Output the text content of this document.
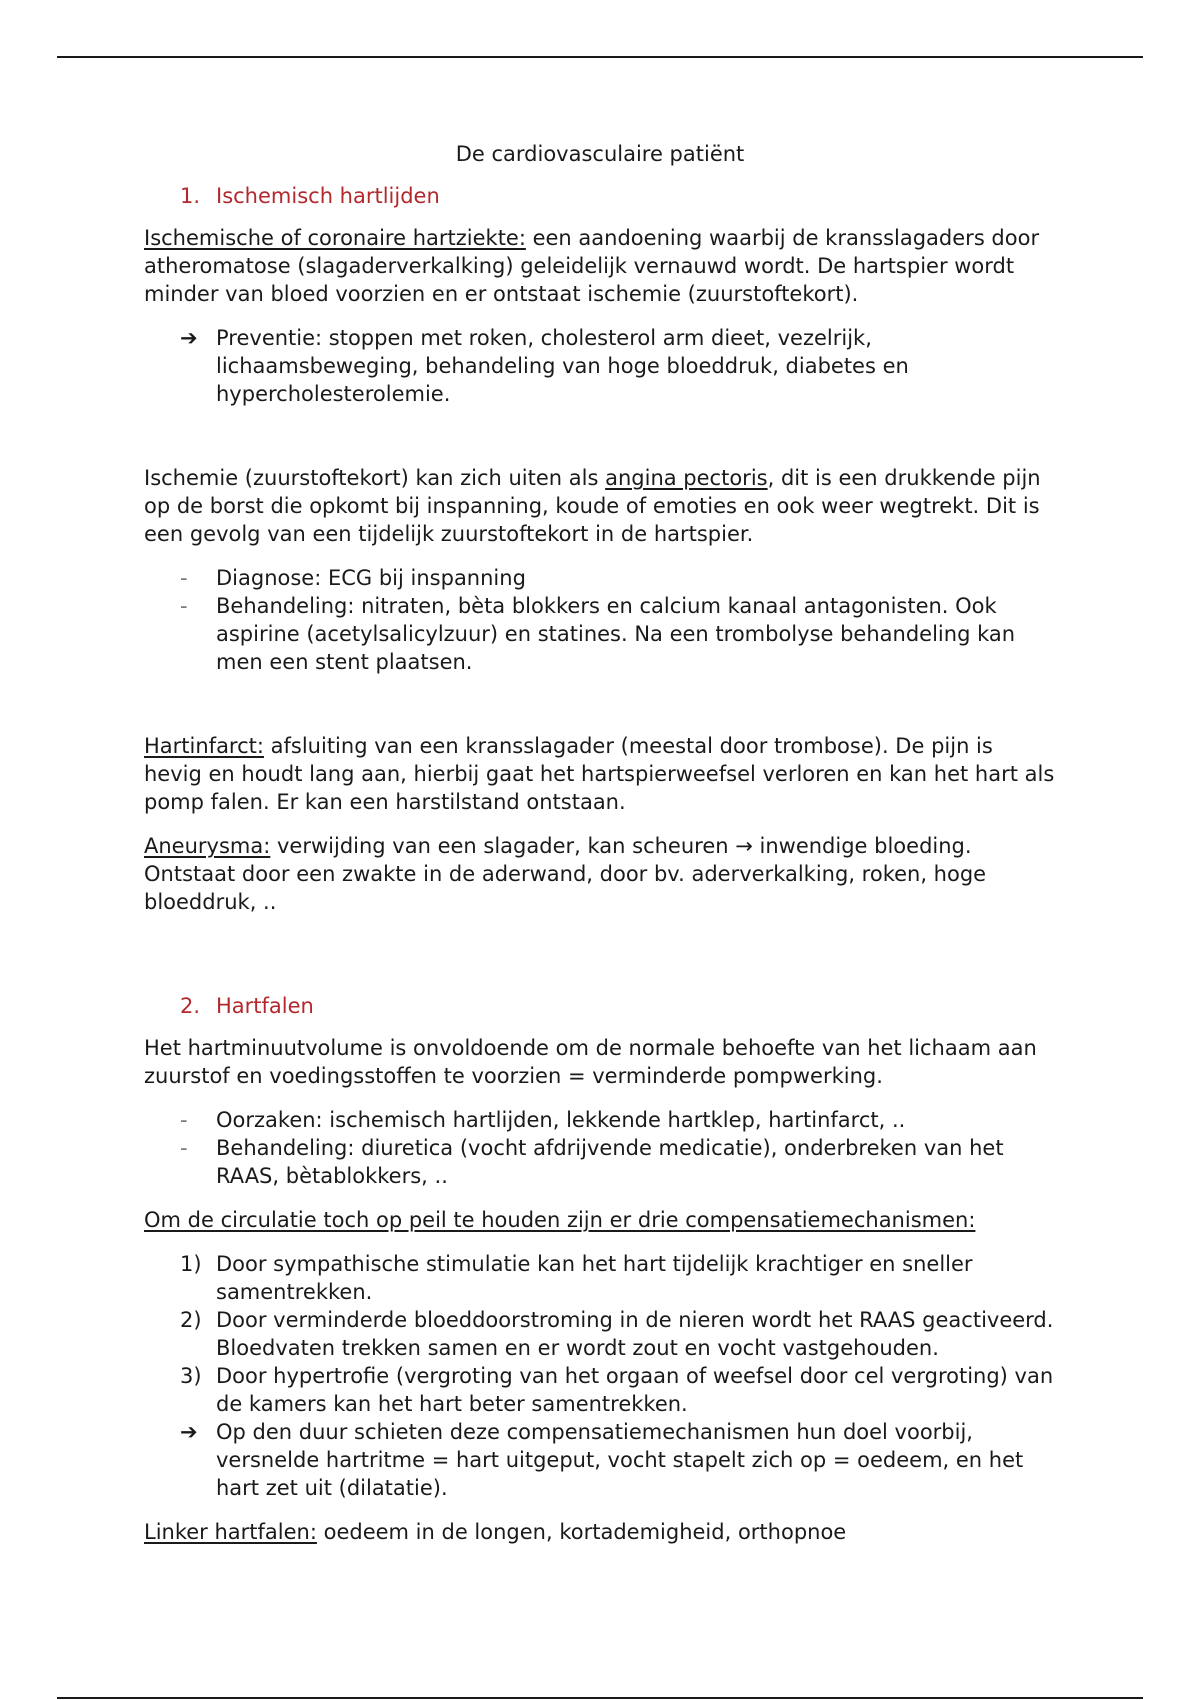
De cardiovasculaire patiënt
1. Ischemisch hartlijden

Ischemische of coronaire hartziekte: een aandoening waarbij de kransslagaders door atheromatose (slagaderverkalking) geleidelijk vernauwd wordt. De hartspier wordt minder van bloed voorzien en er ontstaat ischemie (zuurstoftekort).

➔ Preventie: stoppen met roken, cholesterol arm dieet, vezelrijk, lichaamsbeweging, behandeling van hoge bloeddruk, diabetes en hypercholesterolemie.

Ischemie (zuurstoftekort) kan zich uiten als angina pectoris, dit is een drukkende pijn op de borst die opkomt bij inspanning, koude of emoties en ook weer wegtrekt. Dit is een gevolg van een tijdelijk zuurstoftekort in de hartspier.

- Diagnose: ECG bij inspanning
- Behandeling: nitraten, bèta blokkers en calcium kanaal antagonisten. Ook aspirine (acetylsalicylzuur) en statines. Na een trombolyse behandeling kan men een stent plaatsen.

Hartinfarct: afsluiting van een kransslagader (meestal door trombose). De pijn is hevig en houdt lang aan, hierbij gaat het hartspierweefsel verloren en kan het hart als pomp falen. Er kan een harstilstand ontstaan.

Aneurysma: verwijding van een slagader, kan scheuren → inwendige bloeding. Ontstaat door een zwakte in de aderwand, door bv. aderverkalking, roken, hoge bloeddruk, ..

2. Hartfalen

Het hartminuutvolume is onvoldoende om de normale behoefte van het lichaam aan zuurstof en voedingsstoffen te voorzien = verminderde pompwerking.

- Oorzaken: ischemisch hartlijden, lekkende hartklep, hartinfarct, ..
- Behandeling: diuretica (vocht afdrijvende medicatie), onderbreken van het RAAS, bètablokkers, ..

Om de circulatie toch op peil te houden zijn er drie compensatiemechanismen:

1) Door sympathische stimulatie kan het hart tijdelijk krachtiger en sneller samentrekken.
2) Door verminderde bloeddoorstroming in de nieren wordt het RAAS geactiveerd. Bloedvaten trekken samen en er wordt zout en vocht vastgehouden.
3) Door hypertrofie (vergroting van het orgaan of weefsel door cel vergroting) van de kamers kan het hart beter samentrekken.
➔ Op den duur schieten deze compensatiemechanismen hun doel voorbij, versnelde hartritme = hart uitgeput, vocht stapelt zich op = oedeem, en het hart zet uit (dilatatie).

Linker hartfalen: oedeem in de longen, kortademigheid, orthopnoe
